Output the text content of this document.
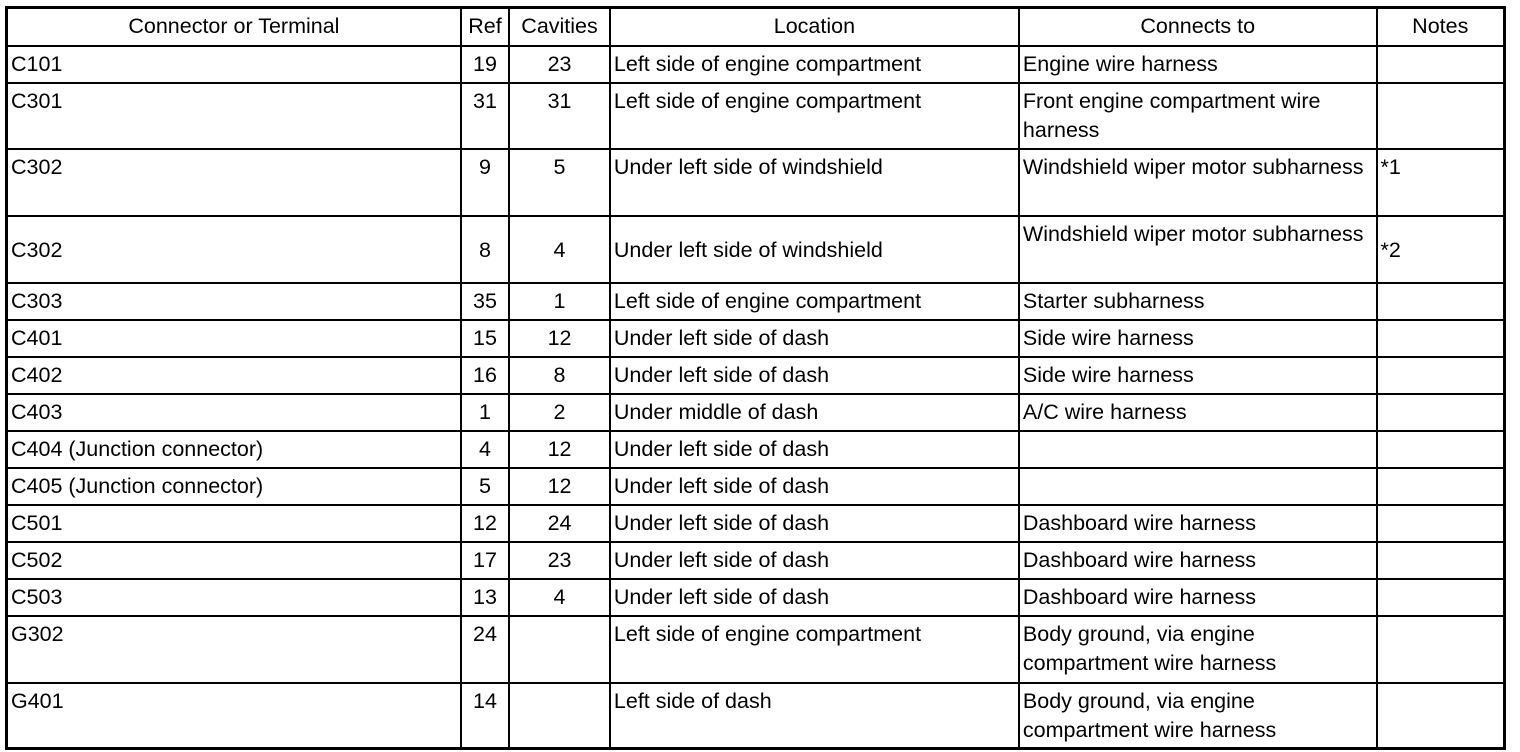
Connector or Terminal	Ref	Cavities	Location	Connects to	Notes
C101	19	23	Left side of engine compartment	Engine wire harness	
C301	31	31	Left side of engine compartment	Front engine compartment wire harness	
C302	9	5	Under left side of windshield	Windshield wiper motor subharness	*1
C302	8	4	Under left side of windshield	Windshield wiper motor subharness	*2
C303	35	1	Left side of engine compartment	Starter subharness	
C401	15	12	Under left side of dash	Side wire harness	
C402	16	8	Under left side of dash	Side wire harness	
C403	1	2	Under middle of dash	A/C wire harness	
C404 (Junction connector)	4	12	Under left side of dash		
C405 (Junction connector)	5	12	Under left side of dash		
C501	12	24	Under left side of dash	Dashboard wire harness	
C502	17	23	Under left side of dash	Dashboard wire harness	
C503	13	4	Under left side of dash	Dashboard wire harness	
G302	24		Left side of engine compartment	Body ground, via engine compartment wire harness	
G401	14		Left side of dash	Body ground, via engine compartment wire harness	
